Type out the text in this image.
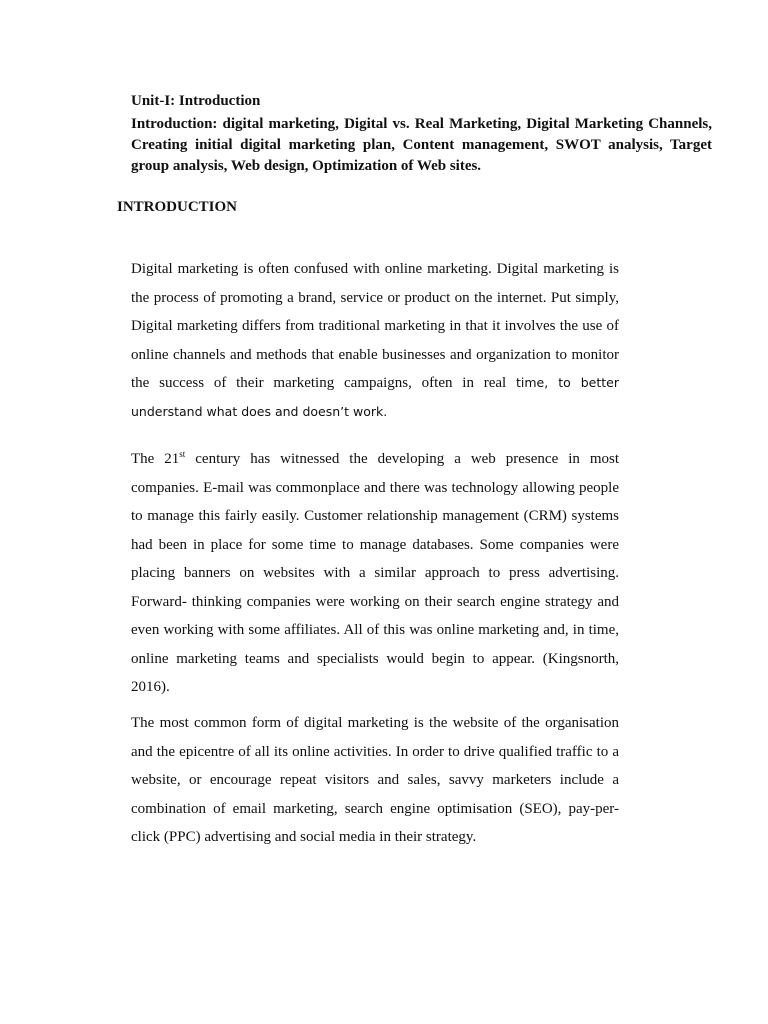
Unit-I: Introduction
Introduction: digital marketing, Digital vs. Real Marketing, Digital Marketing Channels, Creating initial digital marketing plan, Content management, SWOT analysis, Target group analysis, Web design, Optimization of Web sites.
INTRODUCTION

Digital marketing is often confused with online marketing. Digital marketing is the process of promoting a brand, service or product on the internet. Put simply, Digital marketing differs from traditional marketing in that it involves the use of online channels and methods that enable businesses and organization to monitor the success of their marketing campaigns, often in real time, to better understand what does and doesn’t work.

The 21st century has witnessed the developing a web presence in most companies. E-mail was commonplace and there was technology allowing people to manage this fairly easily. Customer relationship management (CRM) systems had been in place for some time to manage databases. Some companies were placing banners on websites with a similar approach to press advertising. Forward- thinking companies were working on their search engine strategy and even working with some affiliates. All of this was online marketing and, in time, online marketing teams and specialists would begin to appear. (Kingsnorth, 2016).

The most common form of digital marketing is the website of the organisation and the epicentre of all its online activities. In order to drive qualified traffic to a website, or encourage repeat visitors and sales, savvy marketers include a combination of email marketing, search engine optimisation (SEO), pay-per-click (PPC) advertising and social media in their strategy.
